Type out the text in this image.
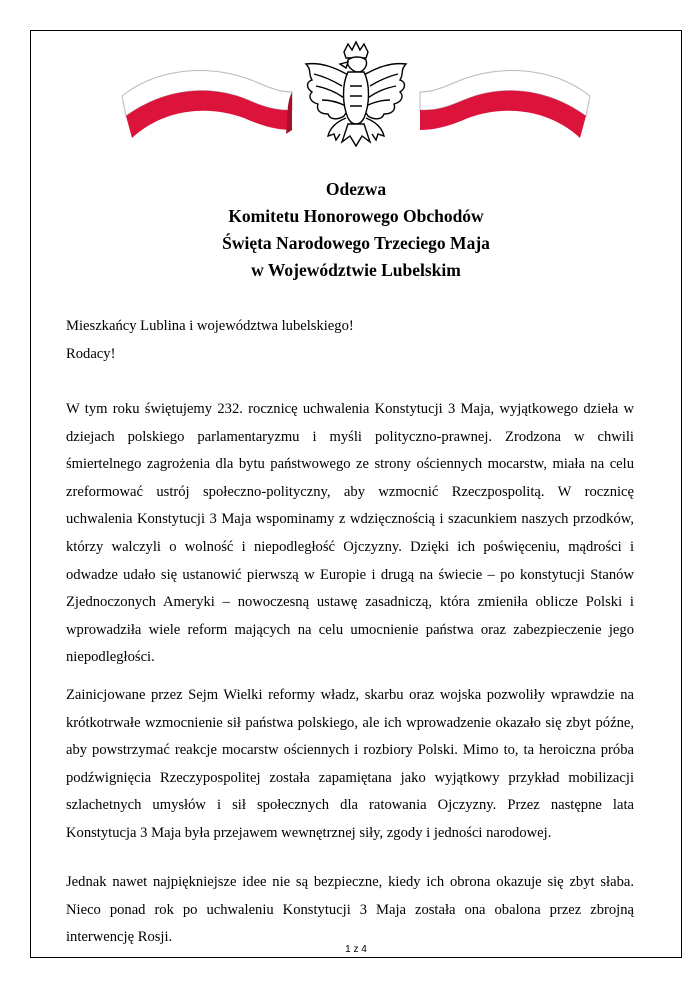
Odezwa
Komitetu Honorowego Obchodów
Święta Narodowego Trzeciego Maja
w Województwie Lubelskim
Mieszkańcy Lublina i województwa lubelskiego!
Rodacy!

W tym roku świętujemy 232. rocznicę uchwalenia Konstytucji 3 Maja, wyjątkowego dzieła w dziejach polskiego parlamentaryzmu i myśli polityczno-prawnej. Zrodzona w chwili śmiertelnego zagrożenia dla bytu państwowego ze strony ościennych mocarstw, miała na celu zreformować ustrój społeczno-polityczny, aby wzmocnić Rzeczpospolitą. W rocznicę uchwalenia Konstytucji 3 Maja wspominamy z wdzięcznością i szacunkiem naszych przodków, którzy walczyli o wolność i niepodległość Ojczyzny. Dzięki ich poświęceniu, mądrości i odwadze udało się ustanowić pierwszą w Europie i drugą na świecie – po konstytucji Stanów Zjednoczonych Ameryki – nowoczesną ustawę zasadniczą, która zmieniła oblicze Polski i wprowadziła wiele reform mających na celu umocnienie państwa oraz zabezpieczenie jego niepodległości.

Zainicjowane przez Sejm Wielki reformy władz, skarbu oraz wojska pozwoliły wprawdzie na krótkotrwałe wzmocnienie sił państwa polskiego, ale ich wprowadzenie okazało się zbyt późne, aby powstrzymać reakcje mocarstw ościennych i rozbiory Polski. Mimo to, ta heroiczna próba podźwignięcia Rzeczypospolitej została zapamiętana jako wyjątkowy przykład mobilizacji szlachetnych umysłów i sił społecznych dla ratowania Ojczyzny. Przez następne lata Konstytucja 3 Maja była przejawem wewnętrznej siły, zgody i jedności narodowej.

Jednak nawet najpiękniejsze idee nie są bezpieczne, kiedy ich obrona okazuje się zbyt słaba. Nieco ponad rok po uchwaleniu Konstytucji 3 Maja została ona obalona przez zbrojną interwencję Rosji.

1 z 4
